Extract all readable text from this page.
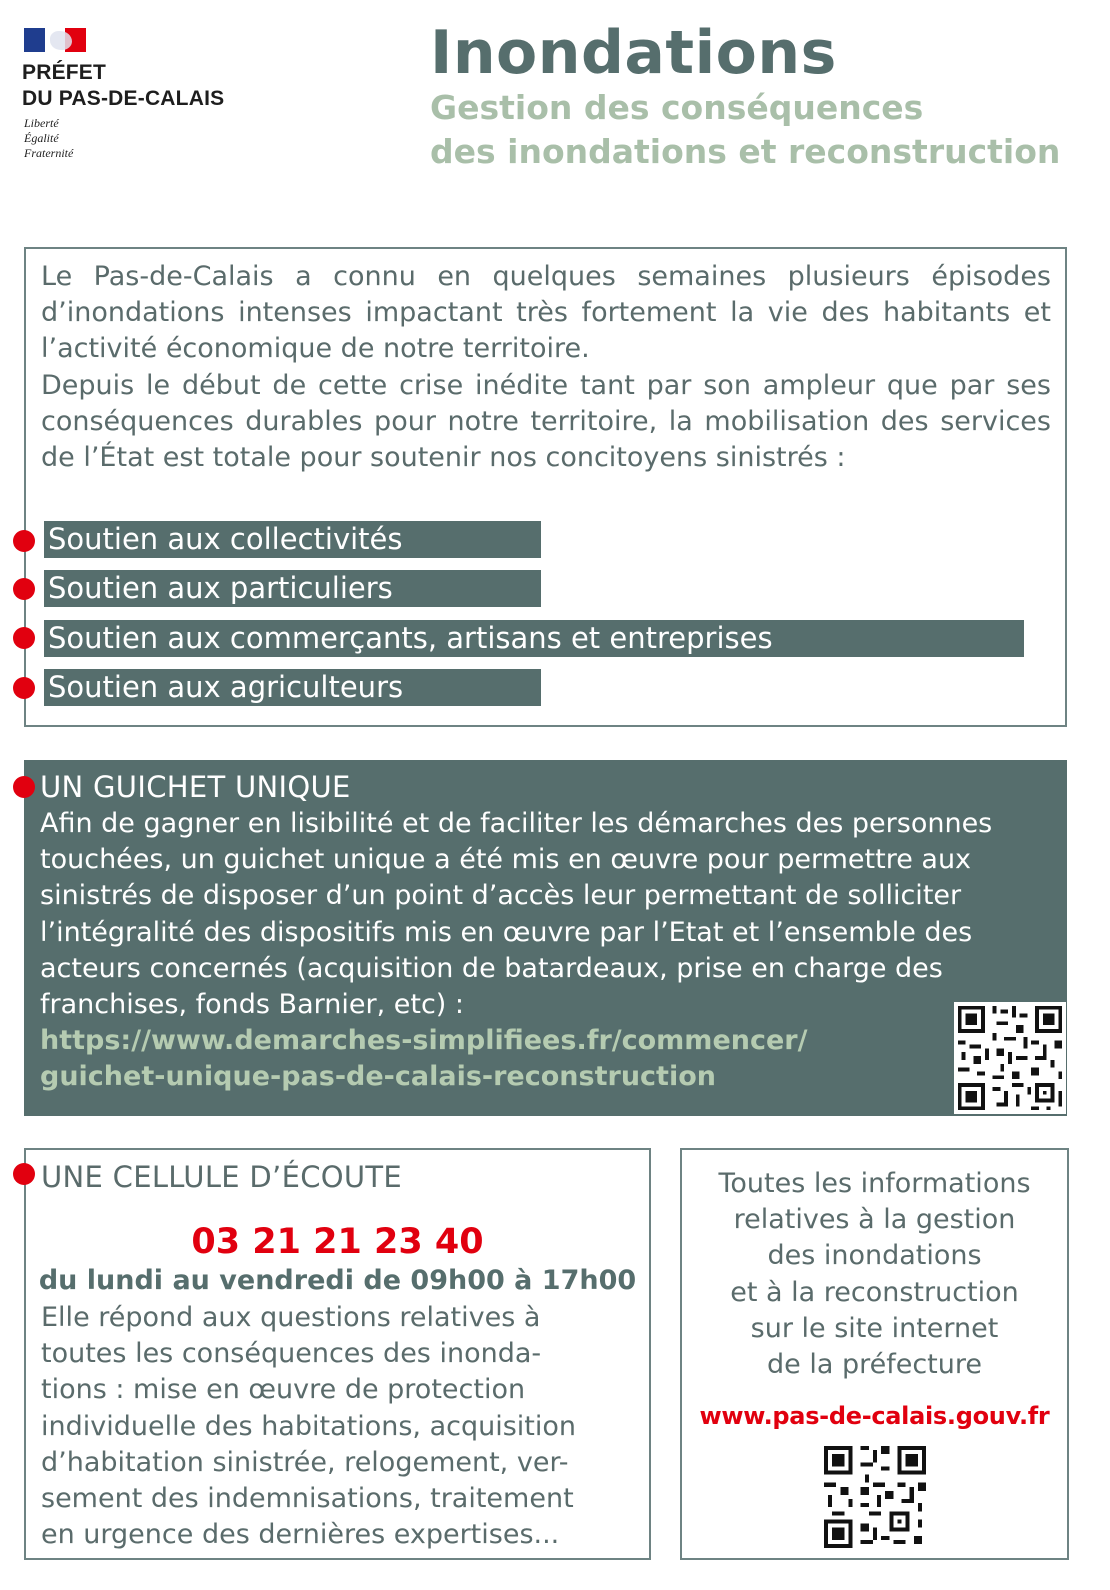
PRÉFET
DU PAS-DE-CALAIS
Liberté
Égalité
Fraternité
Inondations
Gestion des conséquences
des inondations et reconstruction

Le Pas-de-Calais a connu en quelques semaines plusieurs épisodes d’inondations intenses impactant très fortement la vie des habitants et l’activité économique de notre territoire.

Depuis le début de cette crise inédite tant par son ampleur que par ses conséquences durables pour notre territoire, la mobilisation des services de l’État est totale pour soutenir nos concitoyens sinistrés :

Soutien aux collectivités
Soutien aux particuliers
Soutien aux commerçants, artisans et entreprises
Soutien aux agriculteurs
UN GUICHET UNIQUE

Afin de gagner en lisibilité et de faciliter les démarches des personnes

touchées, un guichet unique a été mis en œuvre pour permettre aux

sinistrés de disposer d’un point d’accès leur permettant de solliciter

l’intégralité des dispositifs mis en œuvre par l’Etat et l’ensemble des

acteurs concernés (acquisition de batardeaux, prise en charge des

franchises, fonds Barnier, etc) :

https://www.demarches-simplifiees.fr/commencer/
guichet-unique-pas-de-calais-reconstruction
UNE CELLULE D’ÉCOUTE
03 21 21 23 40
du lundi au vendredi de 09h00 à 17h00

Elle répond aux questions relatives à

toutes les conséquences des inonda-

tions : mise en œuvre de protection

individuelle des habitations, acquisition

d’habitation sinistrée, relogement, ver-

sement des indemnisations, traitement

en urgence des dernières expertises...

Toutes les informations

relatives à la gestion

des inondations

et à la reconstruction

sur le site internet

de la préfecture

www.pas-de-calais.gouv.fr
